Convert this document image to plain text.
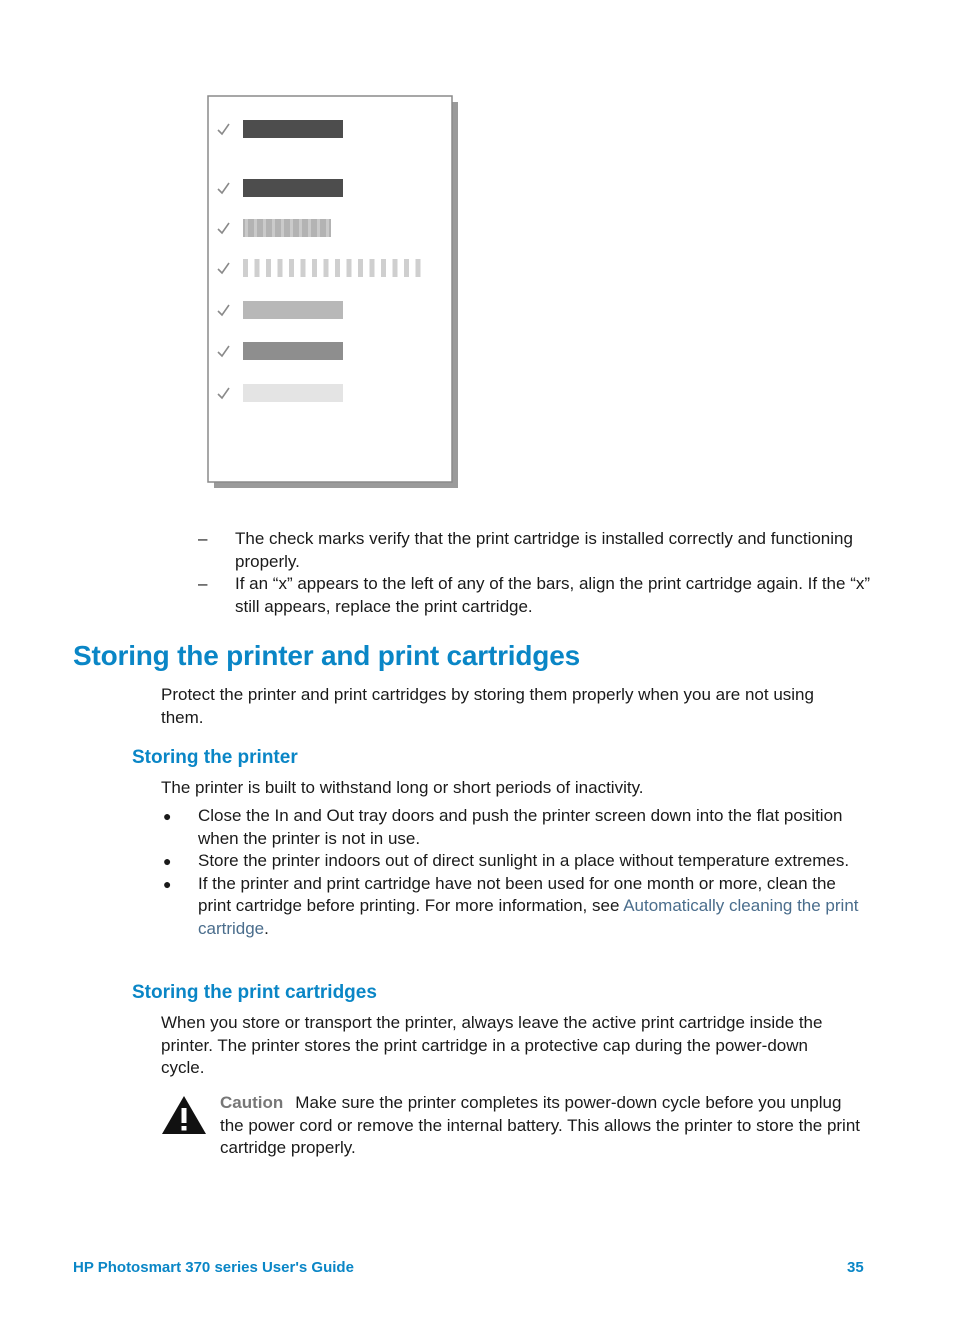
– The check marks verify that the print cartridge is installed correctly and functioning properly.
– If an “x” appears to the left of any of the bars, align the print cartridge again. If the “x” still appears, replace the print cartridge.
Storing the printer and print cartridges

Protect the printer and print cartridges by storing them properly when you are not using them.

Storing the printer

The printer is built to withstand long or short periods of inactivity.

● Close the In and Out tray doors and push the printer screen down into the flat position when the printer is not in use.
● Store the printer indoors out of direct sunlight in a place without temperature extremes.
● If the printer and print cartridge have not been used for one month or more, clean the print cartridge before printing. For more information, see Automatically cleaning the print cartridge.
Storing the print cartridges

When you store or transport the printer, always leave the active print cartridge inside the printer. The printer stores the print cartridge in a protective cap during the power-down cycle.

Caution Make sure the printer completes its power-down cycle before you unplug the power cord or remove the internal battery. This allows the printer to store the print cartridge properly.

HP Photosmart 370 series User's Guide	35
